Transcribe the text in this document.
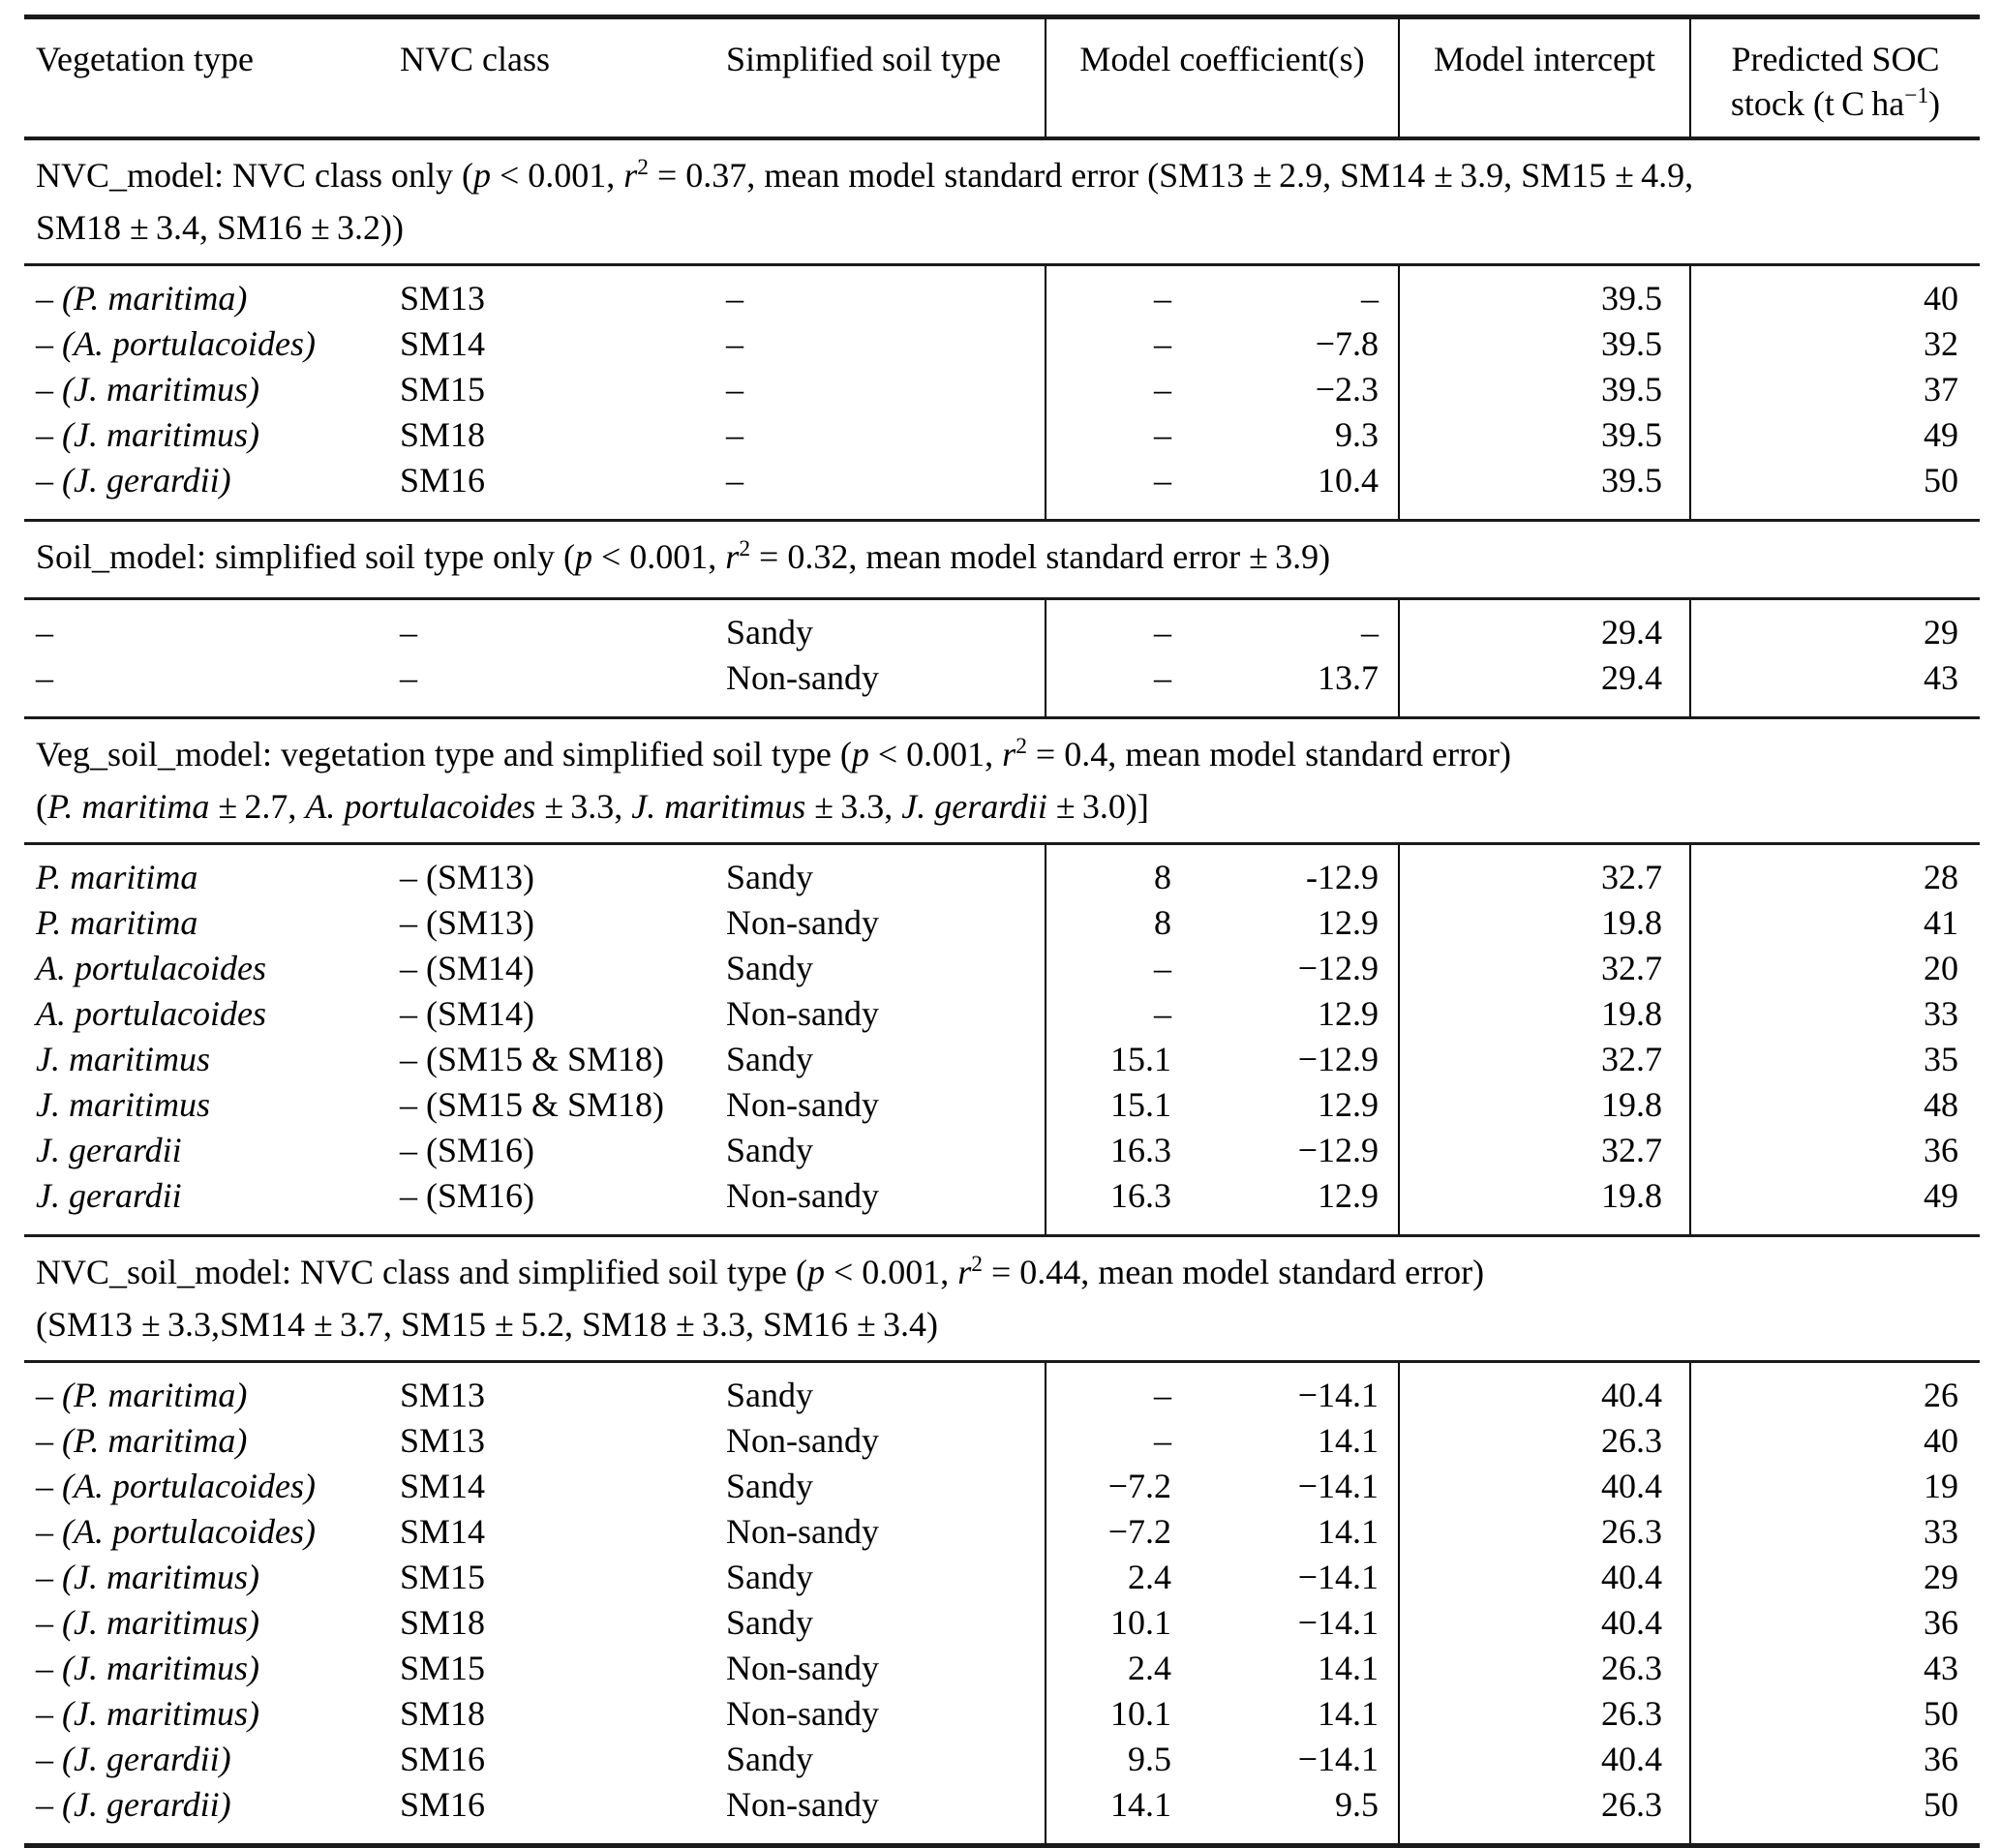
Vegetation type	NVC class	Simplified soil type	Model coefficient(s)		Model intercept	Predicted SOC
stock (t C $ha^{-1}$)

NVC_model: NVC class only (p < 0.001, $r^2 = 0.37$, mean model standard error (SM13 ± 2.9, SM14 ± 3.9, SM15 ± 4.9,
SM18 ± 3.4, SM16 ± 3.2))						

– (P. maritima)	SM13	–	–	–	39.5	40
– (A. portulacoides)	SM14	–	–	−7.8	39.5	32
– (J. maritimus)	SM15	–	–	−2.3	39.5	37
– (J. maritimus)	SM18	–	–	9.3	39.5	49
– (J. gerardii)	SM16	–	–	10.4	39.5	50

Soil_model: simplified soil type only (p < 0.001, $r^2 = 0.32$, mean model standard error ± 3.9)						

–	–	Sandy	–	–	29.4	29
–	–	Non-sandy	–	13.7	29.4	43

Veg_soil_model: vegetation type and simplified soil type (p < 0.001, $r^2 = 0.4$, mean model standard error)
(P. maritima ± 2.7, A. portulacoides ± 3.3, J. maritimus ± 3.3, J. gerardii ± 3.0)]						

P. maritima	– (SM13)	Sandy	8	-12.9	32.7	28
P. maritima	– (SM13)	Non-sandy	8	12.9	19.8	41
A. portulacoides	– (SM14)	Sandy	–	−12.9	32.7	20
A. portulacoides	– (SM14)	Non-sandy	–	12.9	19.8	33
J. maritimus	– (SM15 & SM18)	Sandy	15.1	−12.9	32.7	35
J. maritimus	– (SM15 & SM18)	Non-sandy	15.1	12.9	19.8	48
J. gerardii	– (SM16)	Sandy	16.3	−12.9	32.7	36
J. gerardii	– (SM16)	Non-sandy	16.3	12.9	19.8	49

NVC_soil_model: NVC class and simplified soil type (p < 0.001, $r^2 = 0.44$, mean model standard error)
(SM13 ± 3.3,SM14 ± 3.7, SM15 ± 5.2, SM18 ± 3.3, SM16 ± 3.4)						

– (P. maritima)	SM13	Sandy	–	−14.1	40.4	26
– (P. maritima)	SM13	Non-sandy	–	14.1	26.3	40
– (A. portulacoides)	SM14	Sandy	−7.2	−14.1	40.4	19
– (A. portulacoides)	SM14	Non-sandy	−7.2	14.1	26.3	33
– (J. maritimus)	SM15	Sandy	2.4	−14.1	40.4	29
– (J. maritimus)	SM18	Sandy	10.1	−14.1	40.4	36
– (J. maritimus)	SM15	Non-sandy	2.4	14.1	26.3	43
– (J. maritimus)	SM18	Non-sandy	10.1	14.1	26.3	50
– (J. gerardii)	SM16	Sandy	9.5	−14.1	40.4	36
– (J. gerardii)	SM16	Non-sandy	14.1	9.5	26.3	50
